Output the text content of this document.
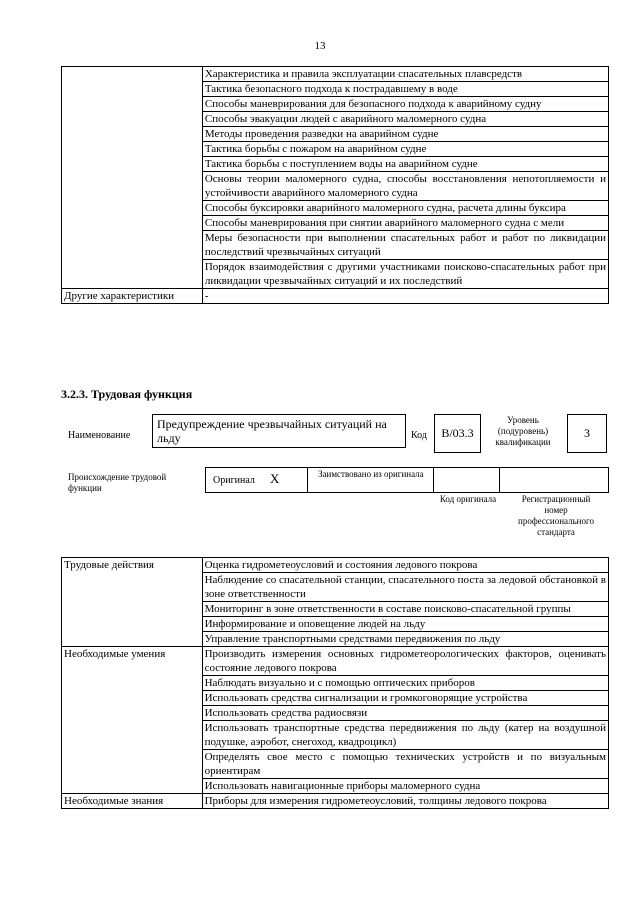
13
	Характеристика и правила эксплуатации спасательных плавсредств
	Тактика безопасного подхода к пострадавшему в воде
	Способы маневрирования для безопасного подхода к аварийному судну
	Способы эвакуации людей с аварийного маломерного судна
	Методы проведения разведки на аварийном судне
	Тактика борьбы с пожаром на аварийном судне
	Тактика борьбы с поступлением воды на аварийном судне
	Основы теории маломерного судна, способы восстановления непотопляемости и устойчивости аварийного маломерного судна
	Способы буксировки аварийного маломерного судна, расчета длины буксира
	Способы маневрирования при снятии аварийного маломерного судна с мели
	Меры безопасности при выполнении спасательных работ и работ по ликвидации последствий чрезвычайных ситуаций
	Порядок взаимодействия с другими участниками поисково-спасательных работ при ликвидации чрезвычайных ситуаций и их последствий
Другие характеристики	-
3.2.3. Трудовая функция
Наименование
Предупреждение чрезвычайных ситуаций на льду	Код	В/03.3
Уровень (подуровень) квалификации
3
Происхождение трудовой функции
Оригинал X	Заимствовано из оригинала
Код оригинала	Регистрационный номер профессионального стандарта
Трудовые действия	Оценка гидрометеоусловий и состояния ледового покрова
	Наблюдение со спасательной станции, спасательного поста за ледовой обстановкой в зоне ответственности
	Мониторинг в зоне ответственности в составе поисково-спасательной группы
	Информирование и оповещение людей на льду
	Управление транспортными средствами передвижения по льду
Необходимые умения	Производить измерения основных гидрометеорологических факторов, оценивать состояние ледового покрова
	Наблюдать визуально и с помощью оптических приборов
	Использовать средства сигнализации и громкоговорящие устройства
	Использовать средства радиосвязи
	Использовать транспортные средства передвижения по льду (катер на воздушной подушке, аэробот, снегоход, квадроцикл)
	Определять свое место с помощью технических устройств и по визуальным ориентирам
	Использовать навигационные приборы маломерного судна
Необходимые знания	Приборы для измерения гидрометеоусловий, толщины ледового покрова
